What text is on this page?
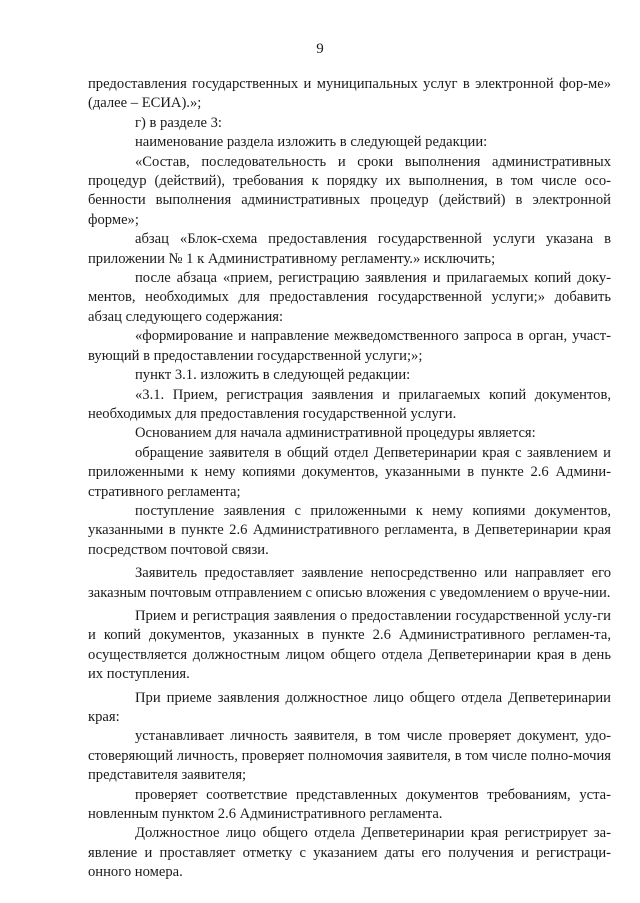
9

предоставления государственных и муниципальных услуг в электронной фор-ме» (далее – ЕСИА).»;

г) в разделе 3:

наименование раздела изложить в следующей редакции:

«Состав, последовательность и сроки выполнения административных процедур (действий), требования к порядку их выполнения, в том числе осо-бенности выполнения административных процедур (действий) в электронной форме»;

абзац «Блок-схема предоставления государственной услуги указана в приложении № 1 к Административному регламенту.» исключить;

после абзаца «прием, регистрацию заявления и прилагаемых копий доку-ментов, необходимых для предоставления государственной услуги;» добавить абзац следующего содержания:

«формирование и направление межведомственного запроса в орган, участ-вующий в предоставлении государственной услуги;»;

пункт 3.1. изложить в следующей редакции:

«3.1. Прием, регистрация заявления и прилагаемых копий документов, необходимых для предоставления государственной услуги.

Основанием для начала административной процедуры является:

обращение заявителя в общий отдел Депветеринарии края с заявлением и приложенными к нему копиями документов, указанными в пункте 2.6 Админи-стративного регламента;

поступление заявления с приложенными к нему копиями документов, указанными в пункте 2.6 Административного регламента, в Депветеринарии края посредством почтовой связи.

Заявитель предоставляет заявление непосредственно или направляет его заказным почтовым отправлением с описью вложения с уведомлением о вруче-нии.

Прием и регистрация заявления о предоставлении государственной услу-ги и копий документов, указанных в пункте 2.6 Административного регламен-та, осуществляется должностным лицом общего отдела Депветеринарии края в день их поступления.

При приеме заявления должностное лицо общего отдела Депветеринарии края:

устанавливает личность заявителя, в том числе проверяет документ, удо-стоверяющий личность, проверяет полномочия заявителя, в том числе полно-мочия представителя заявителя;

проверяет соответствие представленных документов требованиям, уста-новленным пунктом 2.6 Административного регламента.

Должностное лицо общего отдела Депветеринарии края регистрирует за-явление и проставляет отметку с указанием даты его получения и регистраци-онного номера.
